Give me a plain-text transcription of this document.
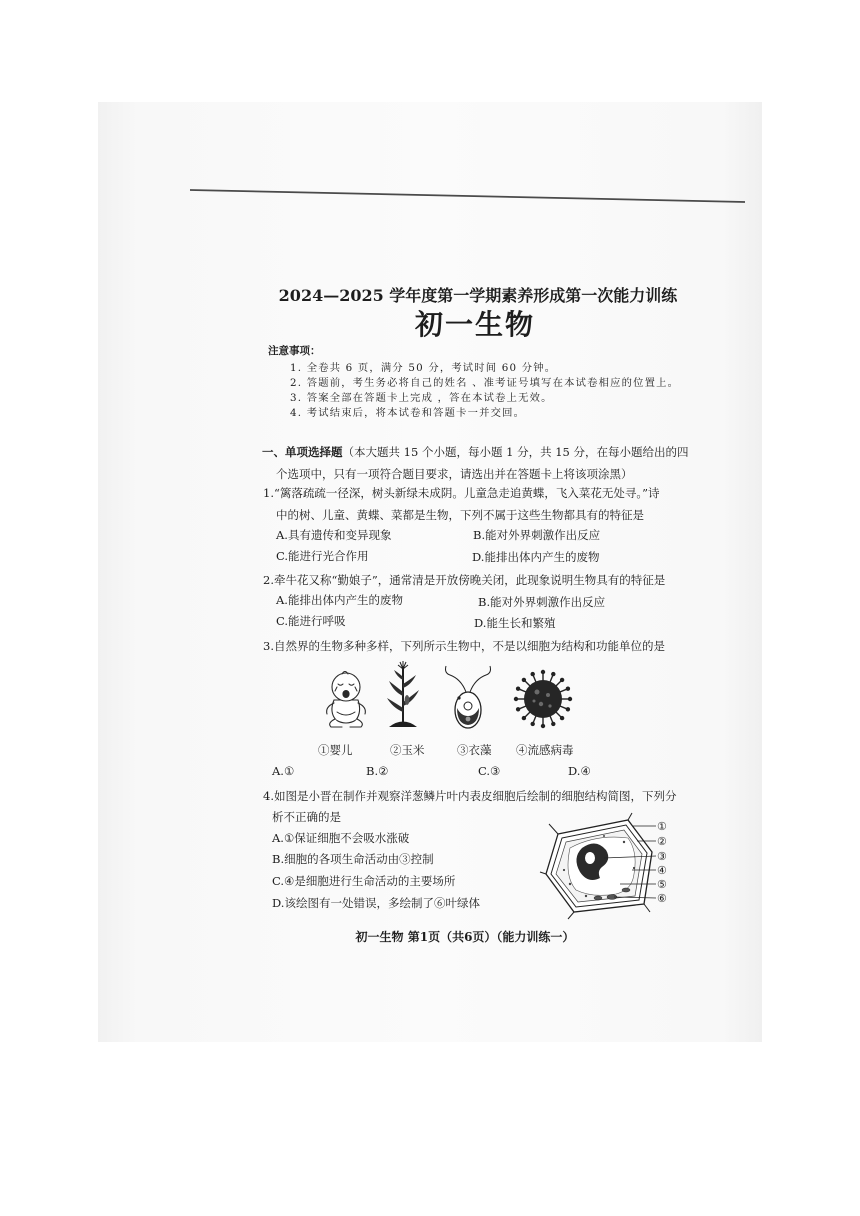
2024—2025 学年度第一学期素养形成第一次能力训练
初一生物
注意事项：
1. 全卷共 6 页，满分 50 分，考试时间 60 分钟。
2. 答题前，考生务必将自己的姓名 、准考证号填写在本试卷相应的位置上。
3. 答案全部在答题卡上完成 ，答在本试卷上无效。
4. 考试结束后，将本试卷和答题卡一并交回。
一、单项选择题（本大题共 15 个小题，每小题 1 分，共 15 分，在每小题给出的四
个选项中，只有一项符合题目要求，请选出并在答题卡上将该项涂黑）
1.“篱落疏疏一径深，树头新绿未成阴。儿童急走追黄蝶，飞入菜花无处寻。”诗
中的树、儿童、黄蝶、菜都是生物，下列不属于这些生物都具有的特征是
A.具有遗传和变异现象	B.能对外界刺激作出反应
C.能进行光合作用	D.能排出体内产生的废物
2.牵牛花又称“勤娘子”，通常清是开放傍晚关闭，此现象说明生物具有的特征是
A.能排出体内产生的废物	B.能对外界刺激作出反应
C.能进行呼吸	D.能生长和繁殖
3.自然界的生物多种多样，下列所示生物中，不是以细胞为结构和功能单位的是
①婴儿	②玉米	③衣藻 ④流感病毒
A.①	B.②	C.③	D.④
4.如图是小晋在制作并观察洋葱鳞片叶内表皮细胞后绘制的细胞结构简图，下列分
析不正确的是
A.①保证细胞不会吸水涨破
B.细胞的各项生命活动由③控制
C.④是细胞进行生命活动的主要场所
D.该绘图有一处错误，多绘制了⑥叶绿体
①
②
③
④
⑤
⑥
初一生物 第1页（共6页）（能力训练一）
